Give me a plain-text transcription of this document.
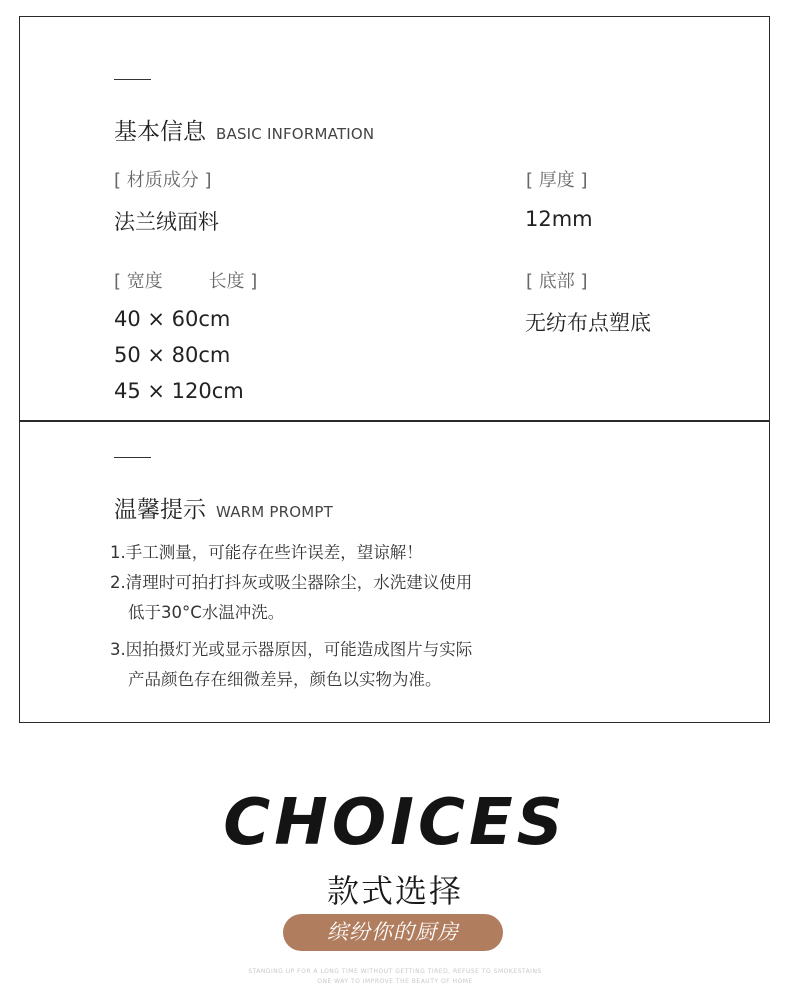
基本信息 BASIC INFORMATION
[ 材质成分 ]
法兰绒面料
[ 厚度 ]
12mm
[ 宽度        长度 ]
40 × 60cm
50 × 80cm
45 × 120cm
[ 底部 ]
无纺布点塑底
温馨提示 WARM PROMPT
1.手工测量，可能存在些许误差，望谅解！
2.清理时可拍打抖灰或吸尘器除尘，水洗建议使用
低于30°C水温冲洗。
3.因拍摄灯光或显示器原因，可能造成图片与实际
产品颜色存在细微差异，颜色以实物为准。
CHOICES
款式选择
缤纷你的厨房
STANDING UP FOR A LONG TIME WITHOUT GETTING TIRED, REFUSE TO SMOKESTAINS
ONE WAY TO IMPROVE THE BEAUTY OF HOME
